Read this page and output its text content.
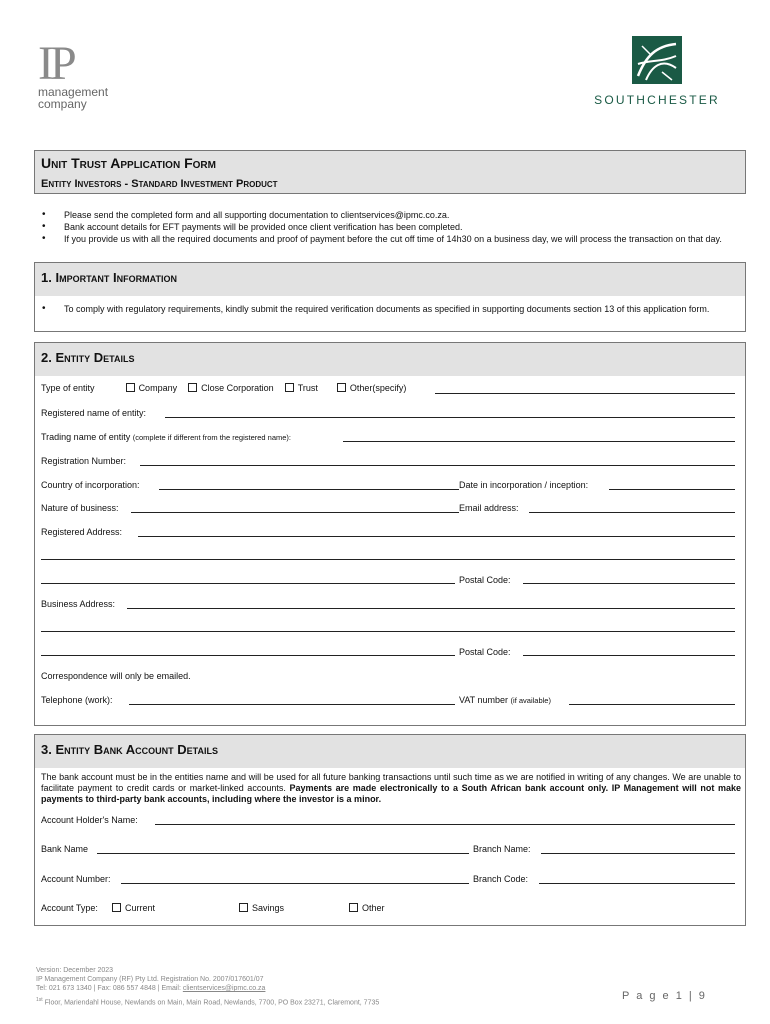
IP
management
company	SOUTHCHESTER
Unit Trust Application Form
Entity Investors - Standard Investment Product
• Please send the completed form and all supporting documentation to clientservices@ipmc.co.za.
• Bank account details for EFT payments will be provided once client verification has been completed.
• If you provide us with all the required documents and proof of payment before the cut off time of 14h30 on a business day, we will process the transaction on that day.
1. Important Information
• To comply with regulatory requirements, kindly submit the required verification documents as specified in supporting documents section 13 of this application form.
2. Entity Details
Type of entity	Company	Close Corporation	Trust	Other(specify)
Registered name of entity:
Trading name of entity (complete if different from the registered name):
Registration Number:
Country of incorporation:	Date in incorporation / inception:
Nature of business:	Email address:
Registered Address:
Postal Code:
Business Address:
Postal Code:
Correspondence will only be emailed.
Telephone (work):	VAT number (if available)
3. Entity Bank Account Details
The bank account must be in the entities name and will be used for all future banking transactions until such time as we are notified in writing of any changes. We are unable to facilitate payment to credit cards or market-linked accounts. Payments are made electronically to a South African bank account only. IP Management will not make payments to third-party bank accounts, including where the investor is a minor.
Account Holder's Name:
Bank Name	Branch Name:
Account Number:	Branch Code:
Account Type:	Current	Savings	Other
Version: December 2023
IP Management Company (RF) Pty Ltd. Registration No. 2007/017601/07
Tel: 021 673 1340 | Fax: 086 557 4848 | Email: clientservices@ipmc.co.za
$^{1st}$ Floor, Mariendahl House, Newlands on Main, Main Road, Newlands, 7700, PO Box 23271, Claremont, 7735
P a g e 1 | 9
